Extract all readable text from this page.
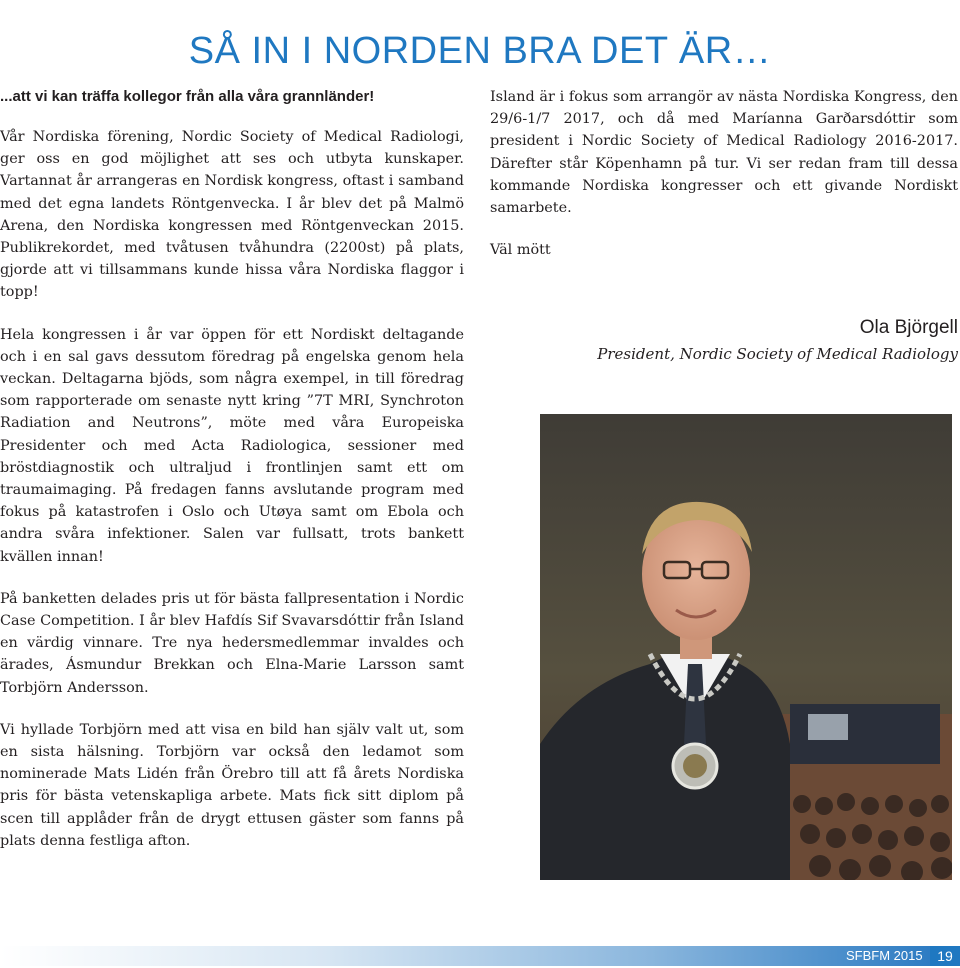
SÅ IN I NORDEN BRA DET ÄR…

...att vi kan träffa kollegor från alla våra grannländer!

Vår Nordiska förening, Nordic Society of Medical Radiologi, ger oss en god möjlighet att ses och utbyta kunskaper. Vartannat år arrangeras en Nordisk kongress, oftast i samband med det egna landets Röntgenvecka. I år blev det på Malmö Arena, den Nordiska kongressen med Röntgenveckan 2015. Publikrekordet, med tvåtusen tvåhundra (2200st) på plats, gjorde att vi tillsammans kunde hissa våra Nordiska flaggor i topp!

Hela kongressen i år var öppen för ett Nordiskt deltagande och i en sal gavs dessutom föredrag på engelska genom hela veckan. Deltagarna bjöds, som några exempel, in till föredrag som rapporterade om senaste nytt kring ”7T MRI, Synchroton Radiation and Neutrons”, möte med våra Europeiska Presidenter och med Acta Radiologica, sessioner med bröstdiagnostik och ultraljud i frontlinjen samt ett om traumaimaging. På fredagen fanns avslutande program med fokus på katastrofen i Oslo och Utøya samt om Ebola och andra svåra infektioner. Salen var fullsatt, trots bankett kvällen innan!

På banketten delades pris ut för bästa fallpresentation i Nordic Case Competition. I år blev Hafdís Sif Svavarsdóttir från Island en värdig vinnare. Tre nya hedersmedlemmar invaldes och ärades, Ásmundur Brekkan och Elna-Marie Larsson samt Torbjörn Andersson.

Vi hyllade Torbjörn med att visa en bild han själv valt ut, som en sista hälsning. Torbjörn var också den ledamot som nominerade Mats Lidén från Örebro till att få årets Nordiska pris för bästa vetenskapliga arbete. Mats fick sitt diplom på scen till applåder från de drygt ettusen gäster som fanns på plats denna festliga afton.

Island är i fokus som arrangör av nästa Nordiska Kongress, den 29/6-1/7 2017, och då med Maríanna Garðarsdóttir som president i Nordic Society of Medical Radiology 2016-2017. Därefter står Köpenhamn på tur. Vi ser redan fram till dessa kommande Nordiska kongresser och ett givande Nordiskt samarbete.

Väl mött

Ola Björgell
President, Nordic Society of Medical Radiology
SFBFM 2015	19
